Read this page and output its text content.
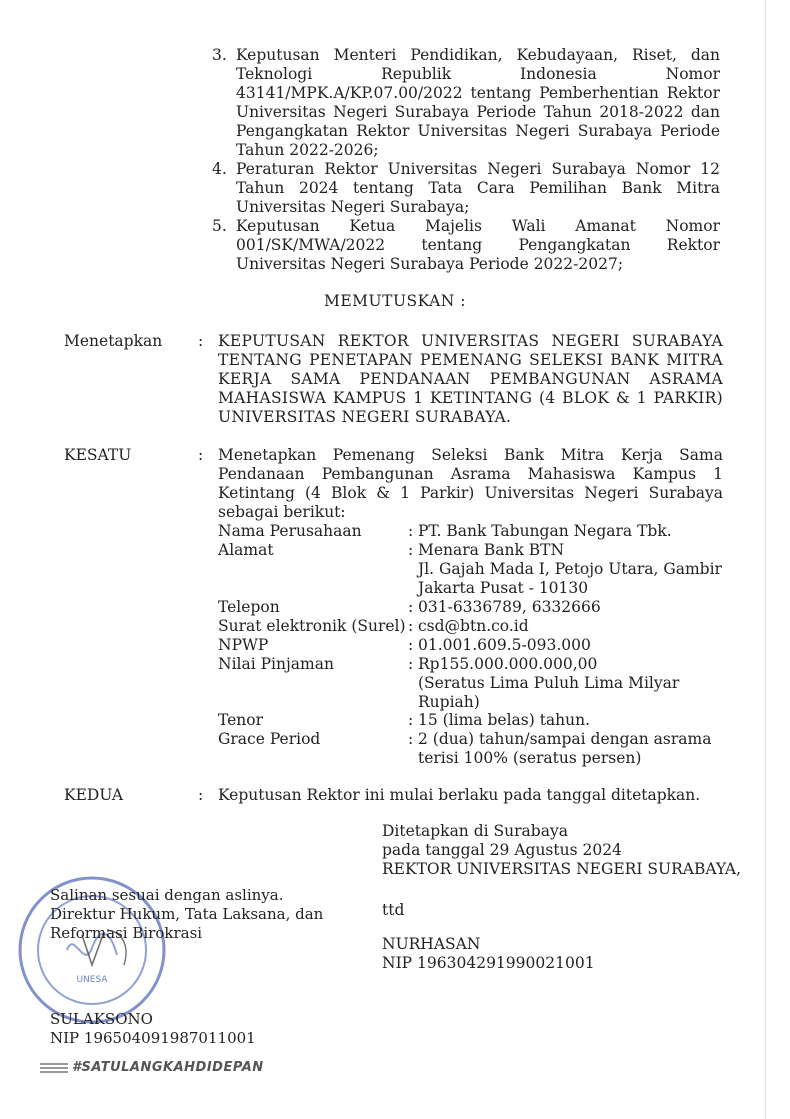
3. Keputusan Menteri Pendidikan, Kebudayaan, Riset, dan Teknologi Republik Indonesia Nomor 43141/MPK.A/KP.07.00/2022 tentang Pemberhentian Rektor Universitas Negeri Surabaya Periode Tahun 2018-2022 dan Pengangkatan Rektor Universitas Negeri Surabaya Periode Tahun 2022-2026;
4. Peraturan Rektor Universitas Negeri Surabaya Nomor 12 Tahun 2024 tentang Tata Cara Pemilihan Bank Mitra Universitas Negeri Surabaya;
5. Keputusan Ketua Majelis Wali Amanat Nomor 001/SK/MWA/2022 tentang Pengangkatan Rektor Universitas Negeri Surabaya Periode 2022-2027;
MEMUTUSKAN :
Menetapkan : KEPUTUSAN REKTOR UNIVERSITAS NEGERI SURABAYA TENTANG PENETAPAN PEMENANG SELEKSI BANK MITRA KERJA SAMA PENDANAAN PEMBANGUNAN ASRAMA MAHASISWA KAMPUS 1 KETINTANG (4 BLOK & 1 PARKIR) UNIVERSITAS NEGERI SURABAYA.
KESATU	: Menetapkan Pemenang Seleksi Bank Mitra Kerja Sama Pendanaan Pembangunan Asrama Mahasiswa Kampus 1 Ketintang (4 Blok & 1 Parkir) Universitas Negeri Surabaya sebagai berikut:
Nama Perusahaan	: PT. Bank Tabungan Negara Tbk.
Alamat	: Menara Bank BTN
Jl. Gajah Mada I, Petojo Utara, Gambir
Jakarta Pusat - 10130
Telepon	: 031-6336789, 6332666
Surat elektronik (Surel) : csd@btn.co.id
NPWP	: 01.001.609.5-093.000
Nilai Pinjaman	: Rp155.000.000.000,00
(Seratus Lima Puluh Lima Milyar
Rupiah)
Tenor	: 15 (lima belas) tahun.
Grace Period	: 2 (dua) tahun/sampai dengan asrama
terisi 100% (seratus persen)
KEDUA	: Keputusan Rektor ini mulai berlaku pada tanggal ditetapkan.
Ditetapkan di Surabaya
pada tanggal 29 Agustus 2024
REKTOR UNIVERSITAS NEGERI SURABAYA,
ttd
NURHASAN
NIP 196304291990021001
UNESA
Salinan sesuai dengan aslinya.
Direktur Hukum, Tata Laksana, dan
Reformasi Birokrasi
SULAKSONO
NIP 196504091987011001
#SATULANGKAHDIDEPAN
